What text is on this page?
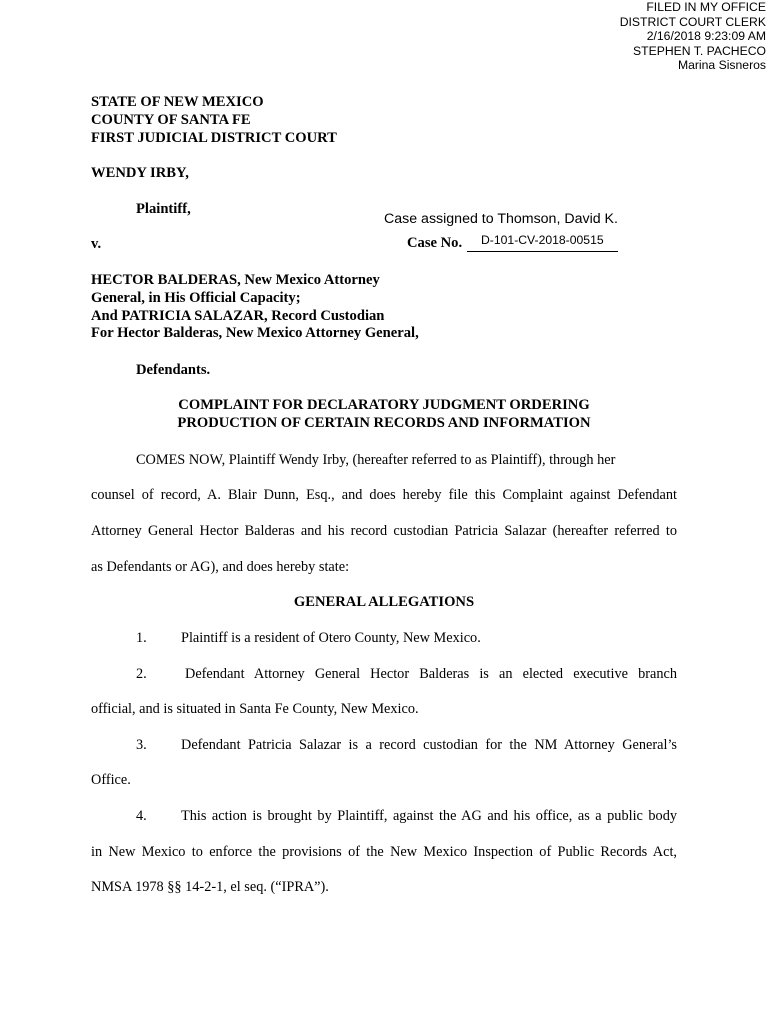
FILED IN MY OFFICE
DISTRICT COURT CLERK
2/16/2018 9:23:09 AM
STEPHEN T. PACHECO
Marina Sisneros
STATE OF NEW MEXICO
COUNTY OF SANTA FE
FIRST JUDICIAL DISTRICT COURT
WENDY IRBY,
Plaintiff,
Case assigned to Thomson, David K.
v.	Case No. D-101-CV-2018-00515
HECTOR BALDERAS, New Mexico Attorney
General, in His Official Capacity;
And PATRICIA SALAZAR, Record Custodian
For Hector Balderas, New Mexico Attorney General,
Defendants.
COMPLAINT FOR DECLARATORY JUDGMENT ORDERING
PRODUCTION OF CERTAIN RECORDS AND INFORMATION
COMES NOW, Plaintiff Wendy Irby, (hereafter referred to as Plaintiff), through her
counsel of record, A. Blair Dunn, Esq., and does hereby file this Complaint against Defendant
Attorney General Hector Balderas and his record custodian Patricia Salazar (hereafter referred to
as Defendants or AG), and does hereby state:
GENERAL ALLEGATIONS
1. Plaintiff is a resident of Otero County, New Mexico.
2.	Defendant Attorney General Hector Balderas is an elected executive branch
official, and is situated in Santa Fe County, New Mexico.
3. Defendant Patricia Salazar is a record custodian for the NM Attorney General’s
Office.
4. This action is brought by Plaintiff, against the AG and his office, as a public body
in New Mexico to enforce the provisions of the New Mexico Inspection of Public Records Act,
NMSA 1978 §§ 14-2-1, el seq. (“IPRA”).
